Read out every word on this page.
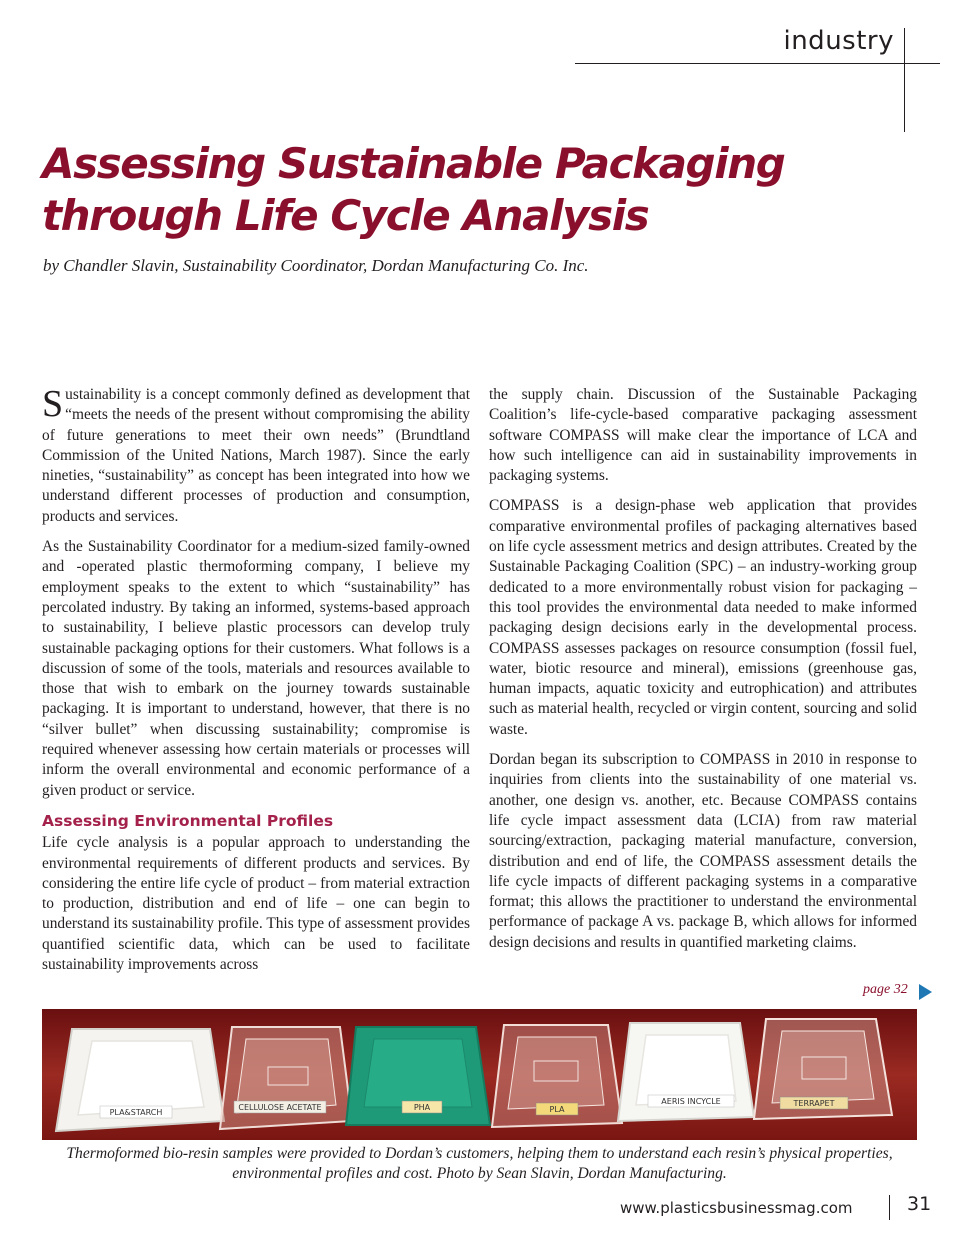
industry
Assessing Sustainable Packaging
through Life Cycle Analysis
by Chandler Slavin, Sustainability Coordinator, Dordan Manufacturing Co. Inc.

Sustainability is a concept commonly defined as development that “meets the needs of the present without compromising the ability of future generations to meet their own needs” (Brundtland Commission of the United Nations, March 1987). Since the early nineties, “sustainability” as concept has been integrated into how we understand different processes of production and consumption, products and services.

As the Sustainability Coordinator for a medium-sized family-owned and -operated plastic thermoforming company, I believe my employment speaks to the extent to which “sustainability” has percolated industry. By taking an informed, systems-based approach to sustainability, I believe plastic processors can develop truly sustainable packaging options for their customers. What follows is a discussion of some of the tools, materials and resources available to those that wish to embark on the journey towards sustainable packaging. It is important to understand, however, that there is no “silver bullet” when discussing sustainability; compromise is required whenever assessing how certain materials or processes will inform the overall environmental and economic performance of a given product or service.

Assessing Environmental Profiles

Life cycle analysis is a popular approach to understanding the environmental requirements of different products and services. By considering the entire life cycle of product – from material extraction to production, distribution and end of life – one can begin to understand its sustainability profile. This type of assessment provides quantified scientific data, which can be used to facilitate sustainability improvements across

the supply chain. Discussion of the Sustainable Packaging Coalition’s life-cycle-based comparative packaging assessment software COMPASS will make clear the importance of LCA and how such intelligence can aid in sustainability improvements in packaging systems.

COMPASS is a design-phase web application that provides comparative environmental profiles of packaging alternatives based on life cycle assessment metrics and design attributes. Created by the Sustainable Packaging Coalition (SPC) – an industry-working group dedicated to a more environmentally robust vision for packaging – this tool provides the environmental data needed to make informed packaging design decisions early in the developmental process. COMPASS assesses packages on resource consumption (fossil fuel, water, biotic resource and mineral), emissions (greenhouse gas, human impacts, aquatic toxicity and eutrophication) and attributes such as material health, recycled or virgin content, sourcing and solid waste.

Dordan began its subscription to COMPASS in 2010 in response to inquiries from clients into the sustainability of one material vs. another, one design vs. another, etc. Because COMPASS contains life cycle impact assessment data (LCIA) from raw material sourcing/extraction, packaging material manufacture, conversion, distribution and end of life, the COMPASS assessment details the life cycle impacts of different packaging systems in a comparative format; this allows the practitioner to understand the environmental performance of package A vs. package B, which allows for informed design decisions and results in quantified marketing claims.

page 32
PLA&STARCH
CELLULOSE ACETATE	PHA	PLA
AERIS INCYCLE	TERRAPET
Thermoformed bio-resin samples were provided to Dordan’s customers, helping them to understand each resin’s physical properties, environmental profiles and cost. Photo by Sean Slavin, Dordan Manufacturing.
www.plasticsbusinessmag.com	31
